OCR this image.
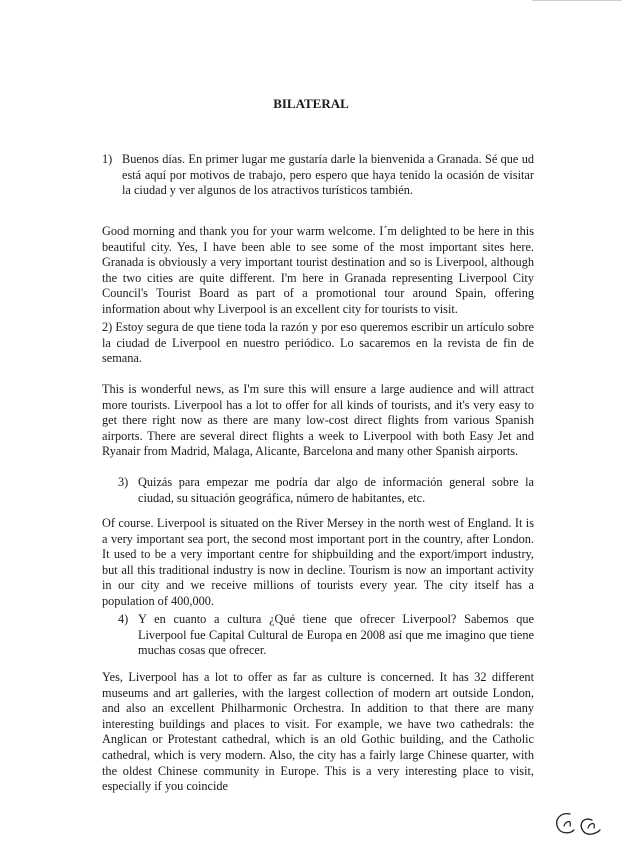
BILATERAL
1) Buenos días. En primer lugar me gustaría darle la bienvenida a Granada. Sé que ud está aquí por motivos de trabajo, pero espero que haya tenido la ocasión de visitar la ciudad y ver algunos de los atractivos turísticos también.
Good morning and thank you for your warm welcome. I´m delighted to be here in this beautiful city. Yes, I have been able to see some of the most important sites here. Granada is obviously a very important tourist destination and so is Liverpool, although the two cities are quite different. I'm here in Granada representing Liverpool City Council's Tourist Board as part of a promotional tour around Spain, offering information about why Liverpool is an excellent city for tourists to visit.
2) Estoy segura de que tiene toda la razón y por eso queremos escribir un artículo sobre la ciudad de Liverpool en nuestro periódico. Lo sacaremos en la revista de fin de semana.
This is wonderful news, as I'm sure this will ensure a large audience and will attract more tourists. Liverpool has a lot to offer for all kinds of tourists, and it's very easy to get there right now as there are many low-cost direct flights from various Spanish airports. There are several direct flights a week to Liverpool with both Easy Jet and Ryanair from Madrid, Malaga, Alicante, Barcelona and many other Spanish airports.
3) Quizás para empezar me podría dar algo de información general sobre la ciudad, su situación geográfica, número de habitantes, etc.
Of course. Liverpool is situated on the River Mersey in the north west of England. It is a very important sea port, the second most important port in the country, after London. It used to be a very important centre for shipbuilding and the export/import industry, but all this traditional industry is now in decline. Tourism is now an important activity in our city and we receive millions of tourists every year. The city itself has a population of 400,000.
4) Y en cuanto a cultura ¿Qué tiene que ofrecer Liverpool? Sabemos que Liverpool fue Capital Cultural de Europa en 2008 así que me imagino que tiene muchas cosas que ofrecer.
Yes, Liverpool has a lot to offer as far as culture is concerned. It has 32 different museums and art galleries, with the largest collection of modern art outside London, and also an excellent Philharmonic Orchestra. In addition to that there are many interesting buildings and places to visit. For example, we have two cathedrals: the Anglican or Protestant cathedral, which is an old Gothic building, and the Catholic cathedral, which is very modern. Also, the city has a fairly large Chinese quarter, with the oldest Chinese community in Europe. This is a very interesting place to visit, especially if you coincide
